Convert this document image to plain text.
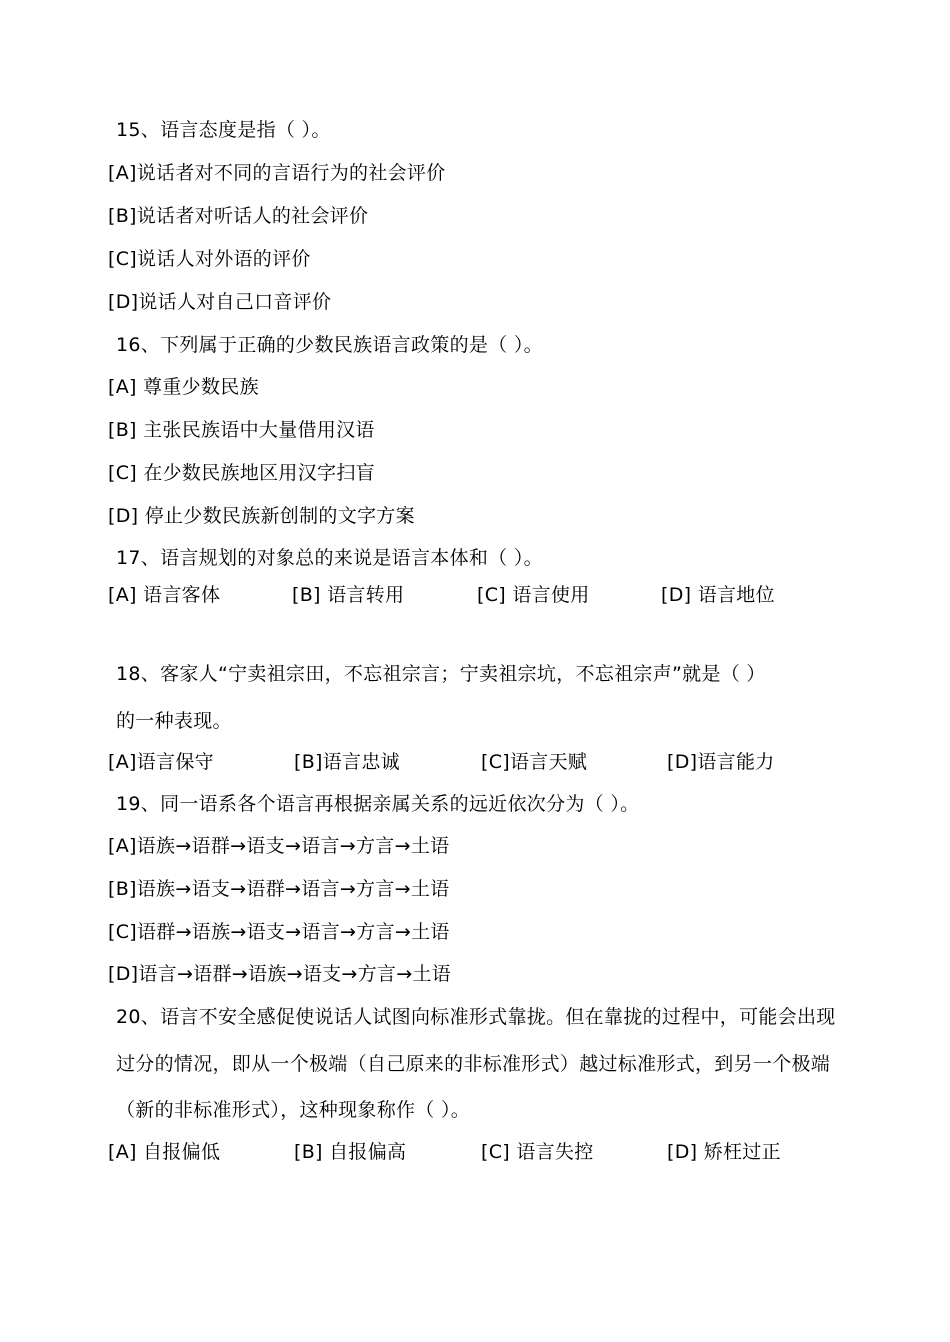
15、语言态度是指（ ）。
[A]说话者对不同的言语行为的社会评价
[B]说话者对听话人的社会评价
[C]说话人对外语的评价
[D]说话人对自己口音评价
16、下列属于正确的少数民族语言政策的是（ ）。
[A] 尊重少数民族
[B] 主张民族语中大量借用汉语
[C] 在少数民族地区用汉字扫盲
[D] 停止少数民族新创制的文字方案
17、语言规划的对象总的来说是语言本体和（ ）。
[A] 语言客体	[B] 语言转用	[C] 语言使用	[D] 语言地位
18、客家人“宁卖祖宗田，不忘祖宗言；宁卖祖宗坑，不忘祖宗声”就是（ ）
的一种表现。
[A]语言保守	[B]语言忠诚	[C]语言天赋	[D]语言能力
19、同一语系各个语言再根据亲属关系的远近依次分为（ ）。
[A]语族→语群→语支→语言→方言→土语
[B]语族→语支→语群→语言→方言→土语
[C]语群→语族→语支→语言→方言→土语
[D]语言→语群→语族→语支→方言→土语
20、语言不安全感促使说话人试图向标准形式靠拢。但在靠拢的过程中，可能会出现
过分的情况，即从一个极端（自己原来的非标准形式）越过标准形式，到另一个极端
（新的非标准形式），这种现象称作（ ）。
[A] 自报偏低	[B] 自报偏高	[C] 语言失控	[D] 矫枉过正
